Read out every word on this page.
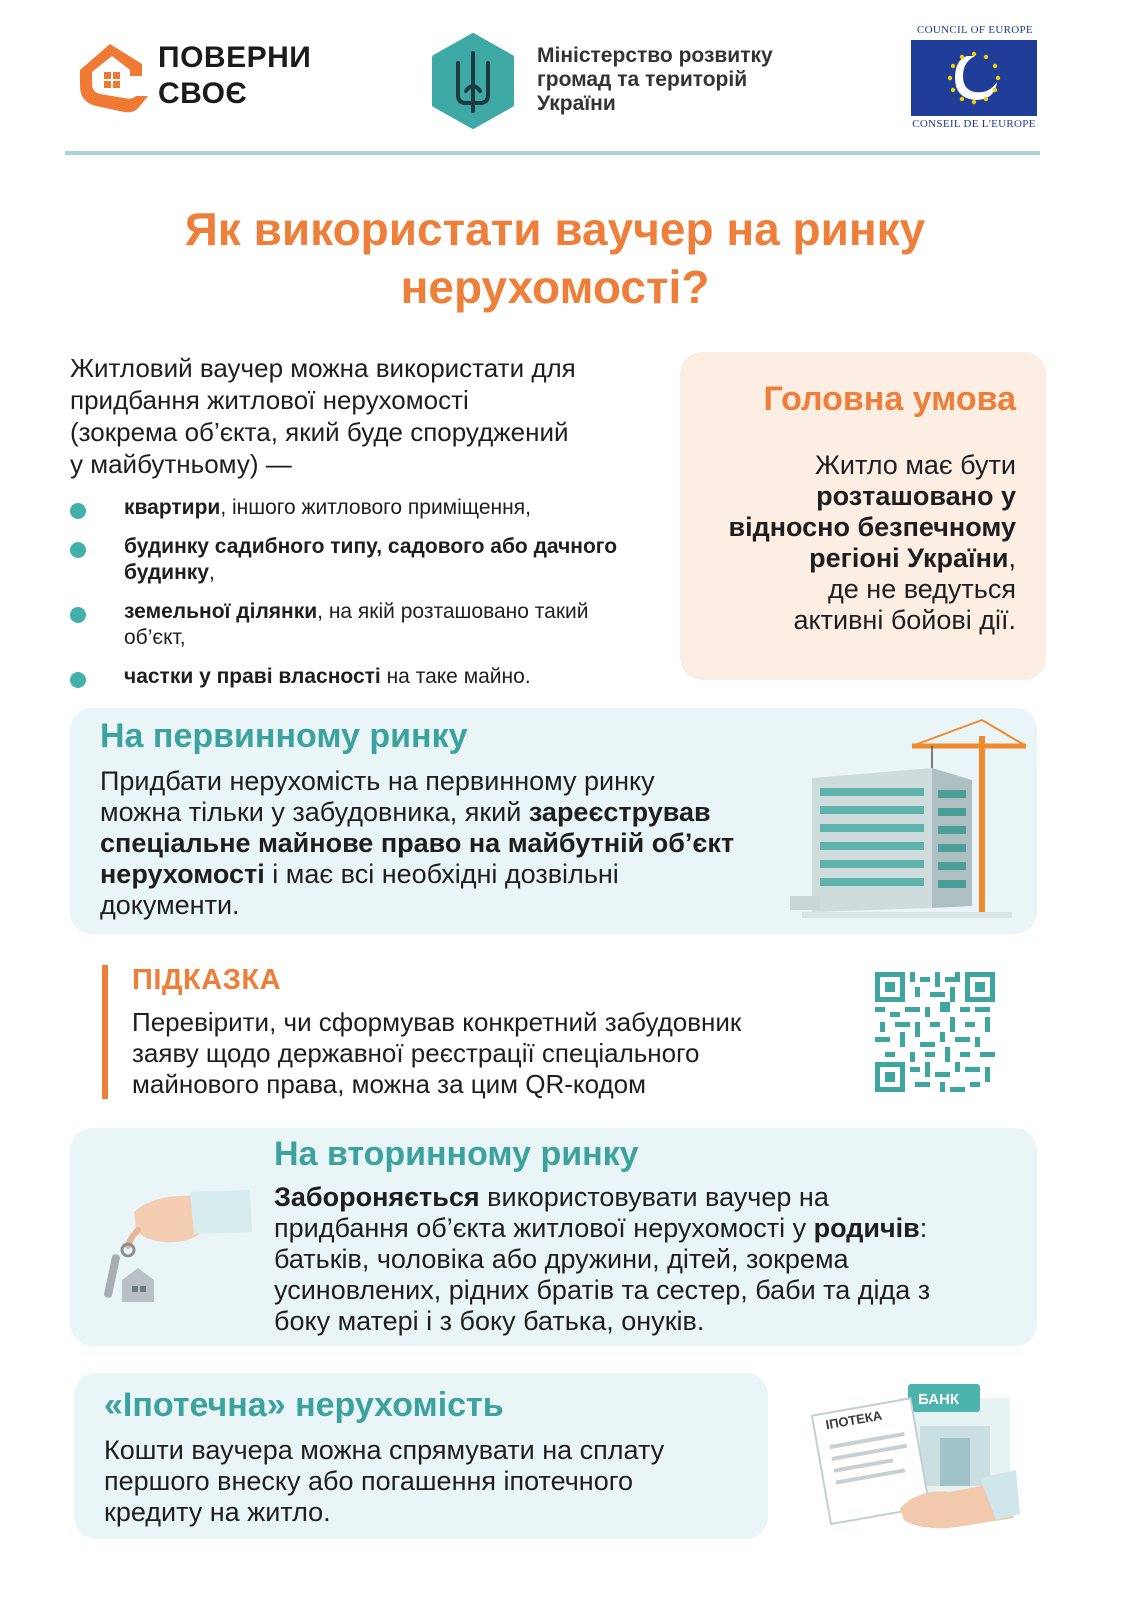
ПОВЕРНИ
СВОЄ
Міністерство розвитку
громад та територій
України
COUNCIL OF EUROPE
CONSEIL DE L'EUROPE
Як використати ваучер на ринку
нерухомості?
Житловий ваучер можна використати для
придбання житлової нерухомості
(зокрема об’єкта, який буде споруджений
у майбутньому) —
квартири, іншого житлового приміщення,
будинку садибного типу, садового або дачного будинку,
земельної ділянки, на якій розташовано такий об’єкт,
частки у праві власності на таке майно.
Головна умова
Житло має бути
розташовано у
відносно безпечному
регіоні України,
де не ведуться
активні бойові дії.
На первинному ринку
Придбати нерухомість на первинному ринку
можна тільки у забудовника, який зареєстрував
спеціальне майнове право на майбутній об’єкт
нерухомості і має всі необхідні дозвільні
документи.
ПІДКАЗКА
Перевірити, чи сформував конкретний забудовник
заяву щодо державної реєстрації спеціального
майнового права, можна за цим QR-кодом
На вторинному ринку
Забороняється використовувати ваучер на
придбання об’єкта житлової нерухомості у родичів:
батьків, чоловіка або дружини, дітей, зокрема
усиновлених, рідних братів та сестер, баби та діда з
боку матері і з боку батька, онуків.
«Іпотечна» нерухомість
Кошти ваучера можна спрямувати на сплату
першого внеску або погашення іпотечного
кредиту на житло.
ІПОТЕКА
БАНК
